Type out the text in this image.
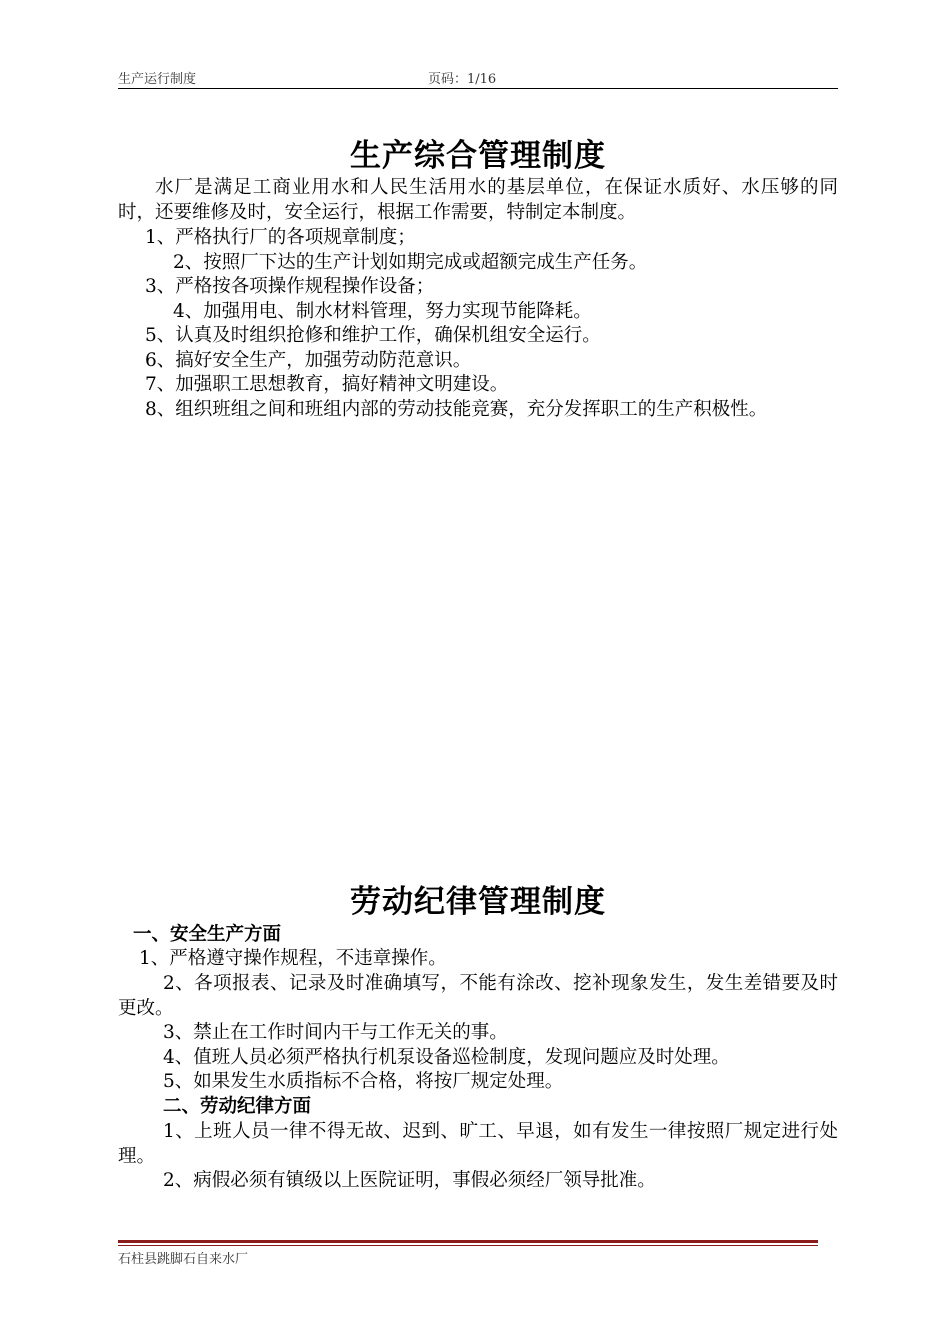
生产运行制度	页码：1/16
生产综合管理制度
水厂是满足工商业用水和人民生活用水的基层单位，在保证水质好、水压够的同时，还要维修及时，安全运行，根据工作需要，特制定本制度。
1、严格执行厂的各项规章制度；
2、按照厂下达的生产计划如期完成或超额完成生产任务。
3、严格按各项操作规程操作设备；
4、加强用电、制水材料管理，努力实现节能降耗。
5、认真及时组织抢修和维护工作，确保机组安全运行。
6、搞好安全生产，加强劳动防范意识。
7、加强职工思想教育，搞好精神文明建设。
8、组织班组之间和班组内部的劳动技能竞赛，充分发挥职工的生产积极性。
劳动纪律管理制度
一、安全生产方面
1、严格遵守操作规程，不违章操作。
2、各项报表、记录及时准确填写，不能有涂改、挖补现象发生，发生差错要及时更改。
3、禁止在工作时间内干与工作无关的事。
4、值班人员必须严格执行机泵设备巡检制度，发现问题应及时处理。
5、如果发生水质指标不合格，将按厂规定处理。
二、劳动纪律方面
1、上班人员一律不得无故、迟到、旷工、早退，如有发生一律按照厂规定进行处理。
2、病假必须有镇级以上医院证明，事假必须经厂领导批准。
石柱县跳脚石自来水厂
